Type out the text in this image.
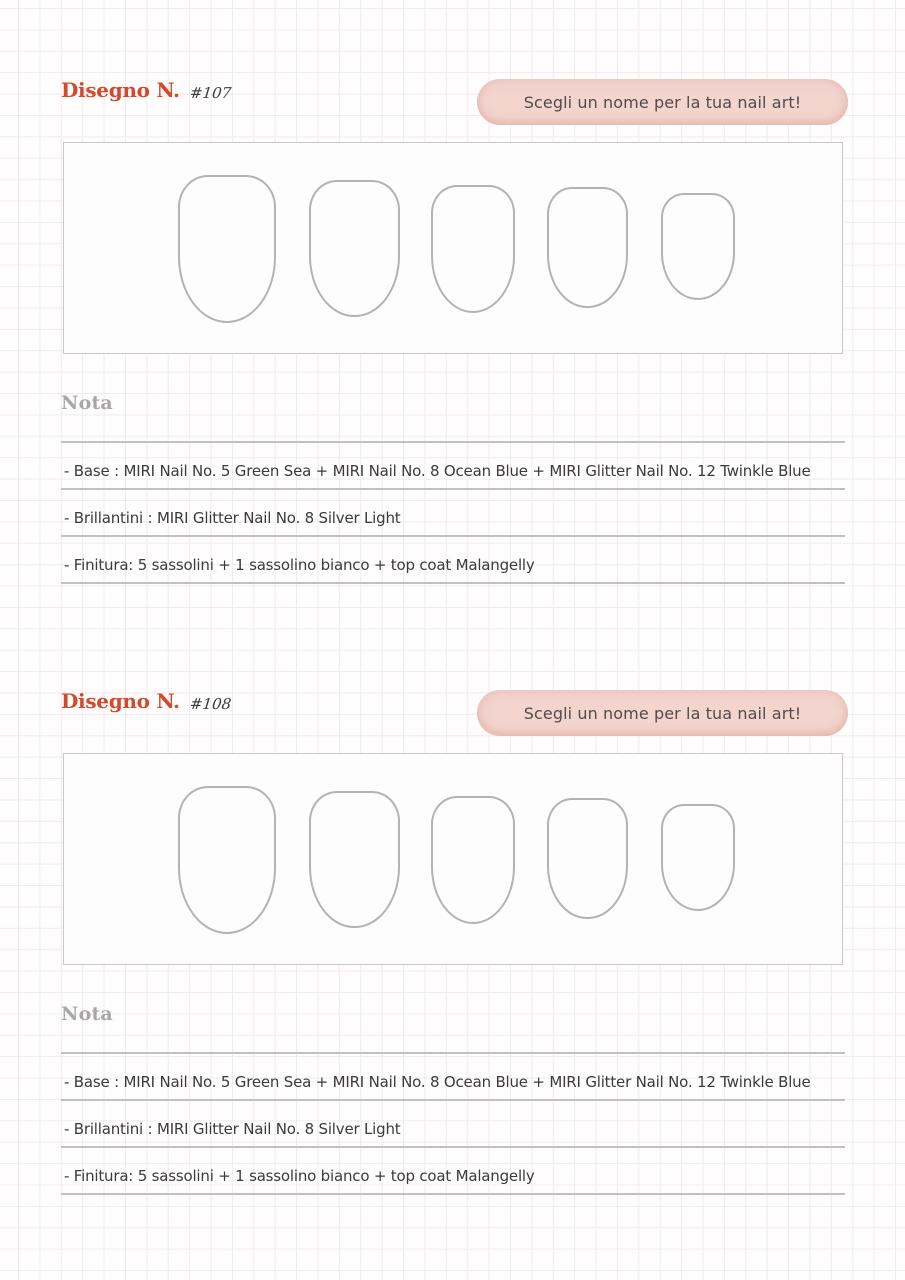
Disegno N. #107	Scegli un nome per la tua nail art!
Nota
- Base : MIRI Nail No. 5 Green Sea + MIRI Nail No. 8 Ocean Blue + MIRI Glitter Nail No. 12 Twinkle Blue
- Brillantini : MIRI Glitter Nail No. 8 Silver Light
- Finitura: 5 sassolini + 1 sassolino bianco + top coat Malangelly
Disegno N. #108	Scegli un nome per la tua nail art!
Nota
- Base : MIRI Nail No. 5 Green Sea + MIRI Nail No. 8 Ocean Blue + MIRI Glitter Nail No. 12 Twinkle Blue
- Brillantini : MIRI Glitter Nail No. 8 Silver Light
- Finitura: 5 sassolini + 1 sassolino bianco + top coat Malangelly
